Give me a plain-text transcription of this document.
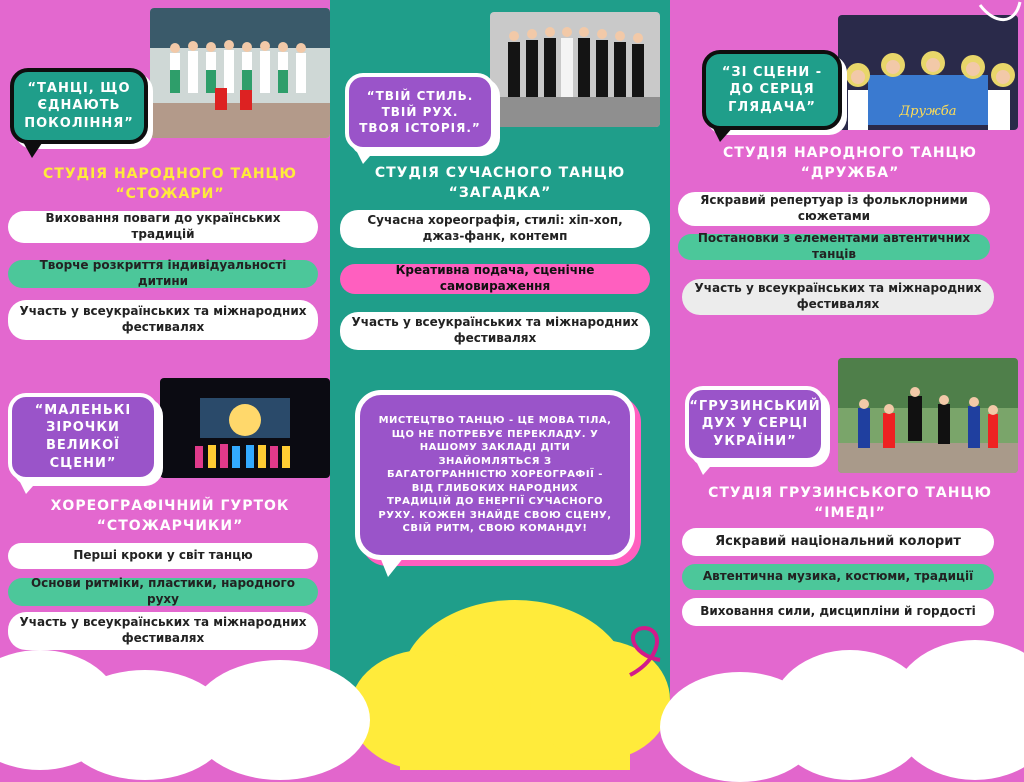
“ТАНЦІ, ЩО ЄДНАЮТЬ ПОКОЛІННЯ”
СТУДІЯ НАРОДНОГО ТАНЦЮ
“СТОЖАРИ”
Виховання поваги до українських традицій
Творче розкриття індивідуальності дитини
Участь у всеукраїнських та міжнародних фестивалях
“МАЛЕНЬКІ ЗІРОЧКИ ВЕЛИКОЇ СЦЕНИ”
ХОРЕОГРАФІЧНИЙ ГУРТОК
“СТОЖАРЧИКИ”
Перші кроки у світ танцю
Основи ритміки, пластики, народного руху
Участь у всеукраїнських та міжнародних фестивалях
“ТВІЙ СТИЛЬ. ТВІЙ РУХ. ТВОЯ ІСТОРІЯ.”
СТУДІЯ СУЧАСНОГО ТАНЦЮ
“ЗАГАДКА”
Сучасна хореографія, стилі: хіп-хоп, джаз-фанк, контемп
Креативна подача, сценічне самовираження
Участь у всеукраїнських та міжнародних фестивалях
МИСТЕЦТВО ТАНЦЮ - ЦЕ МОВА ТІЛА, ЩО НЕ ПОТРЕБУЄ ПЕРЕКЛАДУ. У НАШОМУ ЗАКЛАДІ ДІТИ ЗНАЙОМЛЯТЬСЯ З БАГАТОГРАННІСТЮ ХОРЕОГРАФІЇ - ВІД ГЛИБОКИХ НАРОДНИХ ТРАДИЦІЙ ДО ЕНЕРГІЇ СУЧАСНОГО РУХУ. КОЖЕН ЗНАЙДЕ СВОЮ СЦЕНУ, СВІЙ РИТМ, СВОЮ КОМАНДУ!
Дружба
“ЗІ СЦЕНИ - ДО СЕРЦЯ ГЛЯДАЧА”
СТУДІЯ НАРОДНОГО ТАНЦЮ
“ДРУЖБА”
Яскравий репертуар із фольклорними сюжетами
Постановки з елементами автентичних танців
Участь у всеукраїнських та міжнародних фестивалях
“ГРУЗИНСЬКИЙ ДУХ У СЕРЦІ УКРАЇНИ”
СТУДІЯ ГРУЗИНСЬКОГО ТАНЦЮ
“ІМЕДІ”
Яскравий національний колорит
Автентична музика, костюми, традиції
Виховання сили, дисципліни й гордості
